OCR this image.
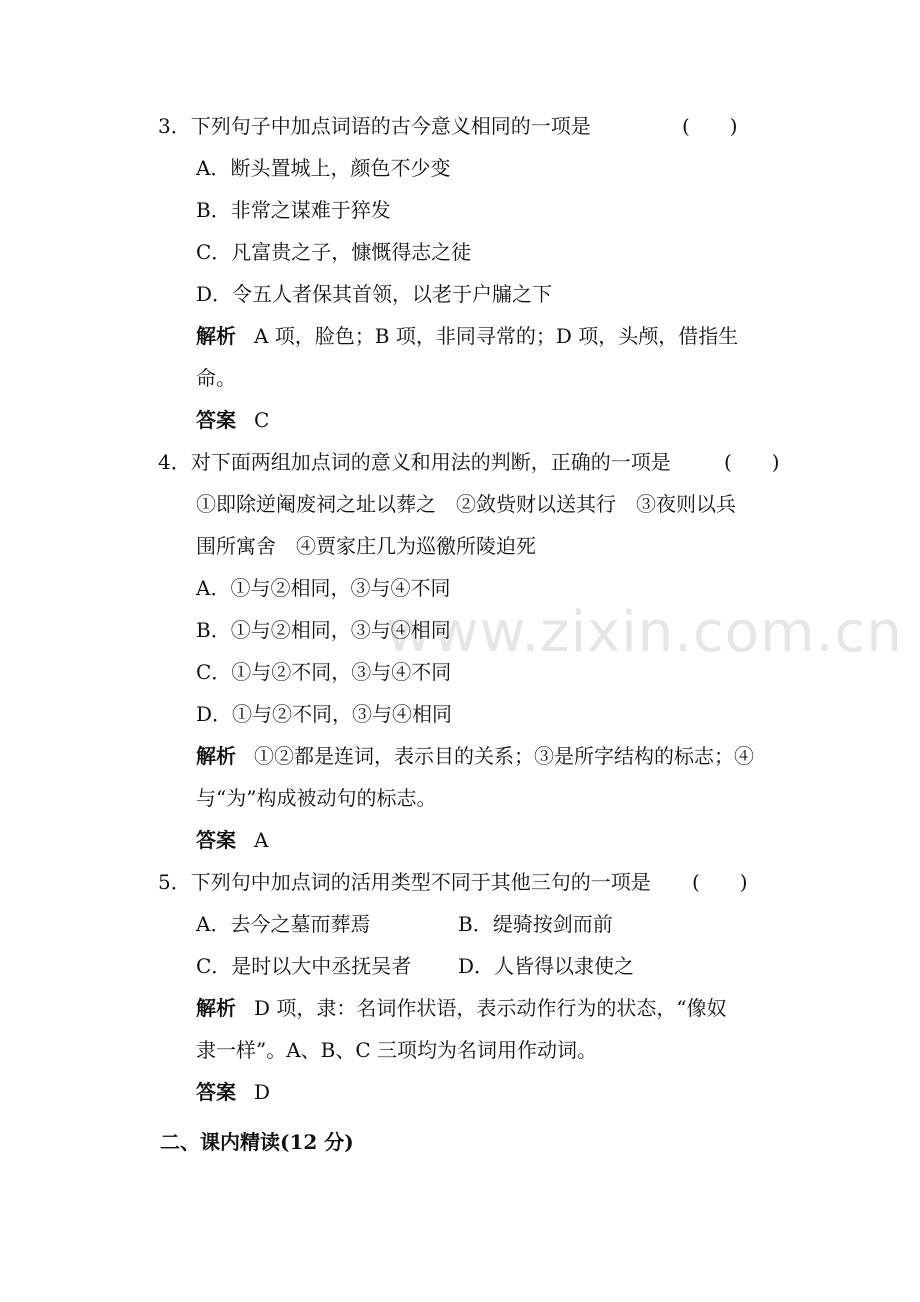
www.zixin.com.cn
3．下列句子中加点词语的古今意义相同的一项是	(　　)
A．断头置城上，颜色不少变
B．非常之谋难于猝发
C．凡富贵之子，慷慨得志之徒
D．令五人者保其首领，以老于户牖之下
解析 A 项，脸色；B 项，非同寻常的；D 项，头颅，借指生
命。
答案 C
4．对下面两组加点词的意义和用法的判断，正确的一项是	(　　)
①即除逆阉废祠之址以葬之　②敛赀财以送其行　③夜则以兵
围所寓舍　④贾家庄几为巡徼所陵迫死
A．①与②相同，③与④不同
B．①与②相同，③与④相同
C．①与②不同，③与④不同
D．①与②不同，③与④相同
解析 ①②都是连词，表示目的关系；③是所字结构的标志；④
与“为”构成被动句的标志。
答案 A
5．下列句中加点词的活用类型不同于其他三句的一项是 (　　)
A．去今之墓而葬焉	B．缇骑按剑而前
C．是时以大中丞抚吴者 D．人皆得以隶使之
解析 D 项，隶：名词作状语，表示动作行为的状态，“像奴
隶一样”。A、B、C 三项均为名词用作动词。
答案 D
二、课内精读(12 分)
